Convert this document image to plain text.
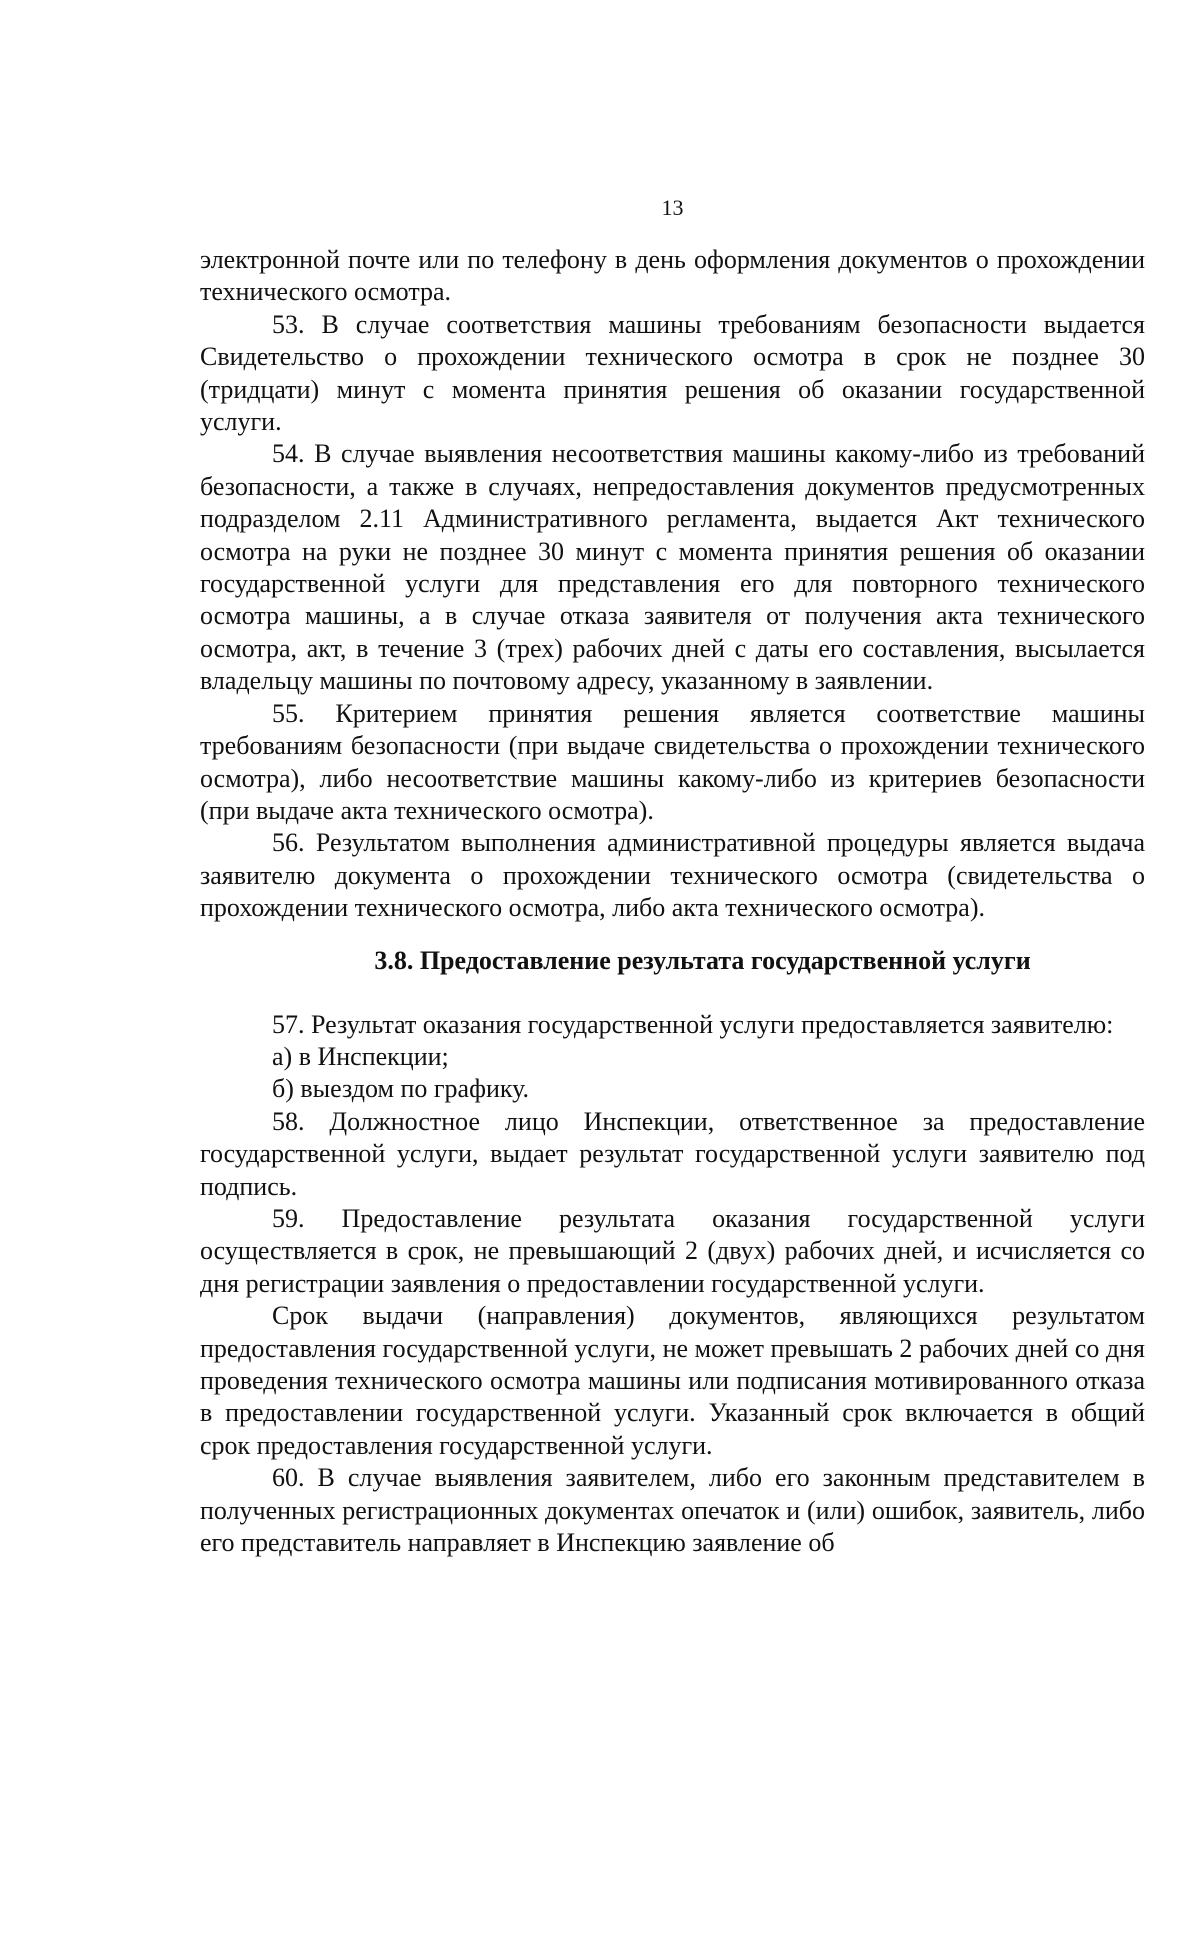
13

электронной почте или по телефону в день оформления документов о прохождении технического осмотра.

53. В случае соответствия машины требованиям безопасности выдается Свидетельство о прохождении технического осмотра в срок не позднее 30 (тридцати) минут с момента принятия решения об оказании государственной услуги.

54. В случае выявления несоответствия машины какому-либо из требований безопасности, а также в случаях, непредоставления документов предусмотренных подразделом 2.11 Административного регламента, выдается Акт технического осмотра на руки не позднее 30 минут с момента принятия решения об оказании государственной услуги для представления его для повторного технического осмотра машины, а в случае отказа заявителя от получения акта технического осмотра, акт, в течение 3 (трех) рабочих дней с даты его составления, высылается владельцу машины по почтовому адресу, указанному в заявлении.

55. Критерием принятия решения является соответствие машины требованиям безопасности (при выдаче свидетельства о прохождении технического осмотра), либо несоответствие машины какому-либо из критериев безопасности (при выдаче акта технического осмотра).

56. Результатом выполнения административной процедуры является выдача заявителю документа о прохождении технического осмотра (свидетельства о прохождении технического осмотра, либо акта технического осмотра).

3.8. Предоставление результата государственной услуги

57. Результат оказания государственной услуги предоставляется заявителю:

а) в Инспекции;

б) выездом по графику.

58. Должностное лицо Инспекции, ответственное за предоставление государственной услуги, выдает результат государственной услуги заявителю под подпись.

59. Предоставление результата оказания государственной услуги осуществляется в срок, не превышающий 2 (двух) рабочих дней, и исчисляется со дня регистрации заявления о предоставлении государственной услуги.

Срок выдачи (направления) документов, являющихся результатом предоставления государственной услуги, не может превышать 2 рабочих дней со дня проведения технического осмотра машины или подписания мотивированного отказа в предоставлении государственной услуги. Указанный срок включается в общий срок предоставления государственной услуги.

60. В случае выявления заявителем, либо его законным представителем в полученных регистрационных документах опечаток и (или) ошибок, заявитель, либо его представитель направляет в Инспекцию заявление об
